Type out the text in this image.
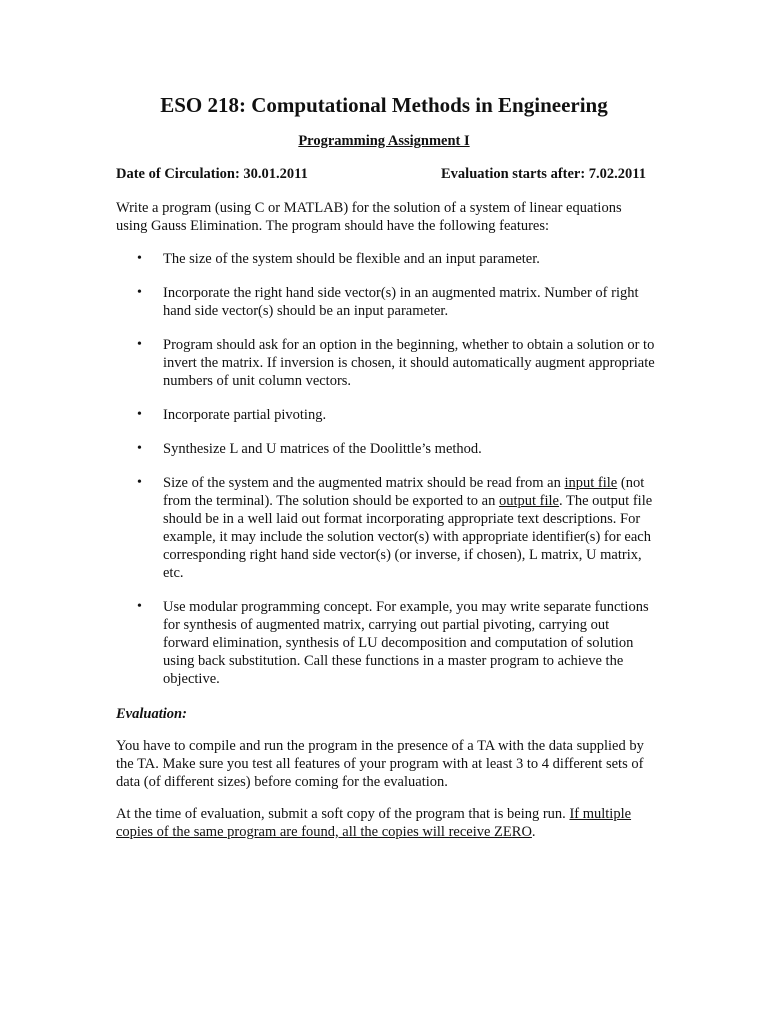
ESO 218: Computational Methods in Engineering
Programming Assignment I
Date of Circulation: 30.01.2011	Evaluation starts after: 7.02.2011
Write a program (using C or MATLAB) for the solution of a system of linear equations using Gauss Elimination. The program should have the following features:
• The size of the system should be flexible and an input parameter.
• Incorporate the right hand side vector(s) in an augmented matrix. Number of right hand side vector(s) should be an input parameter.
• Program should ask for an option in the beginning, whether to obtain a solution or to invert the matrix. If inversion is chosen, it should automatically augment appropriate numbers of unit column vectors.
• Incorporate partial pivoting.
• Synthesize L and U matrices of the Doolittle’s method.
• Size of the system and the augmented matrix should be read from an input file (not from the terminal). The solution should be exported to an output file. The output file should be in a well laid out format incorporating appropriate text descriptions. For example, it may include the solution vector(s) with appropriate identifier(s) for each corresponding right hand side vector(s) (or inverse, if chosen), L matrix, U matrix, etc.
• Use modular programming concept. For example, you may write separate functions for synthesis of augmented matrix, carrying out partial pivoting, carrying out forward elimination, synthesis of LU decomposition and computation of solution using back substitution. Call these functions in a master program to achieve the objective.
Evaluation:
You have to compile and run the program in the presence of a TA with the data supplied by the TA. Make sure you test all features of your program with at least 3 to 4 different sets of data (of different sizes) before coming for the evaluation.
At the time of evaluation, submit a soft copy of the program that is being run. If multiple copies of the same program are found, all the copies will receive ZERO.
